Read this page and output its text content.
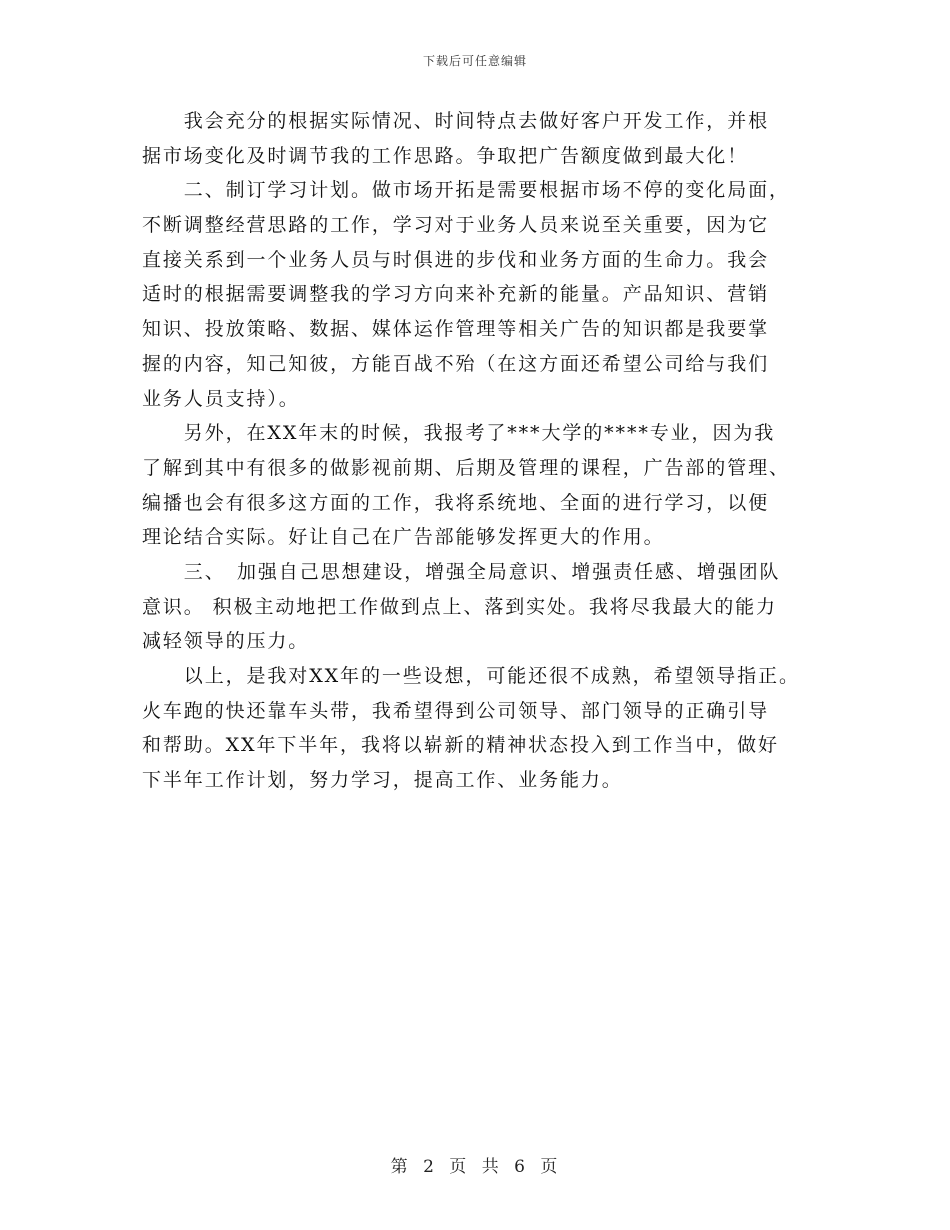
下载后可任意编辑
　　我会充分的根据实际情况、时间特点去做好客户开发工作，并根
据市场变化及时调节我的工作思路。争取把广告额度做到最大化！
　　二、制订学习计划。做市场开拓是需要根据市场不停的变化局面，
不断调整经营思路的工作，学习对于业务人员来说至关重要，因为它
直接关系到一个业务人员与时俱进的步伐和业务方面的生命力。我会
适时的根据需要调整我的学习方向来补充新的能量。产品知识、营销
知识、投放策略、数据、媒体运作管理等相关广告的知识都是我要掌
握的内容，知己知彼，方能百战不殆（在这方面还希望公司给与我们
业务人员支持）。
　　另外，在XX年末的时候，我报考了***大学的****专业，因为我
了解到其中有很多的做影视前期、后期及管理的课程，广告部的管理、
编播也会有很多这方面的工作，我将系统地、全面的进行学习，以便
理论结合实际。好让自己在广告部能够发挥更大的作用。
　　三、　加强自己思想建设，增强全局意识、增强责任感、增强团队
意识。 积极主动地把工作做到点上、落到实处。我将尽我最大的能力
减轻领导的压力。
　　以上，是我对XX年的一些设想，可能还很不成熟，希望领导指正。
火车跑的快还靠车头带，我希望得到公司领导、部门领导的正确引导
和帮助。XX年下半年，我将以崭新的精神状态投入到工作当中，做好
下半年工作计划，努力学习，提高工作、业务能力。
第 2 页 共 6 页
